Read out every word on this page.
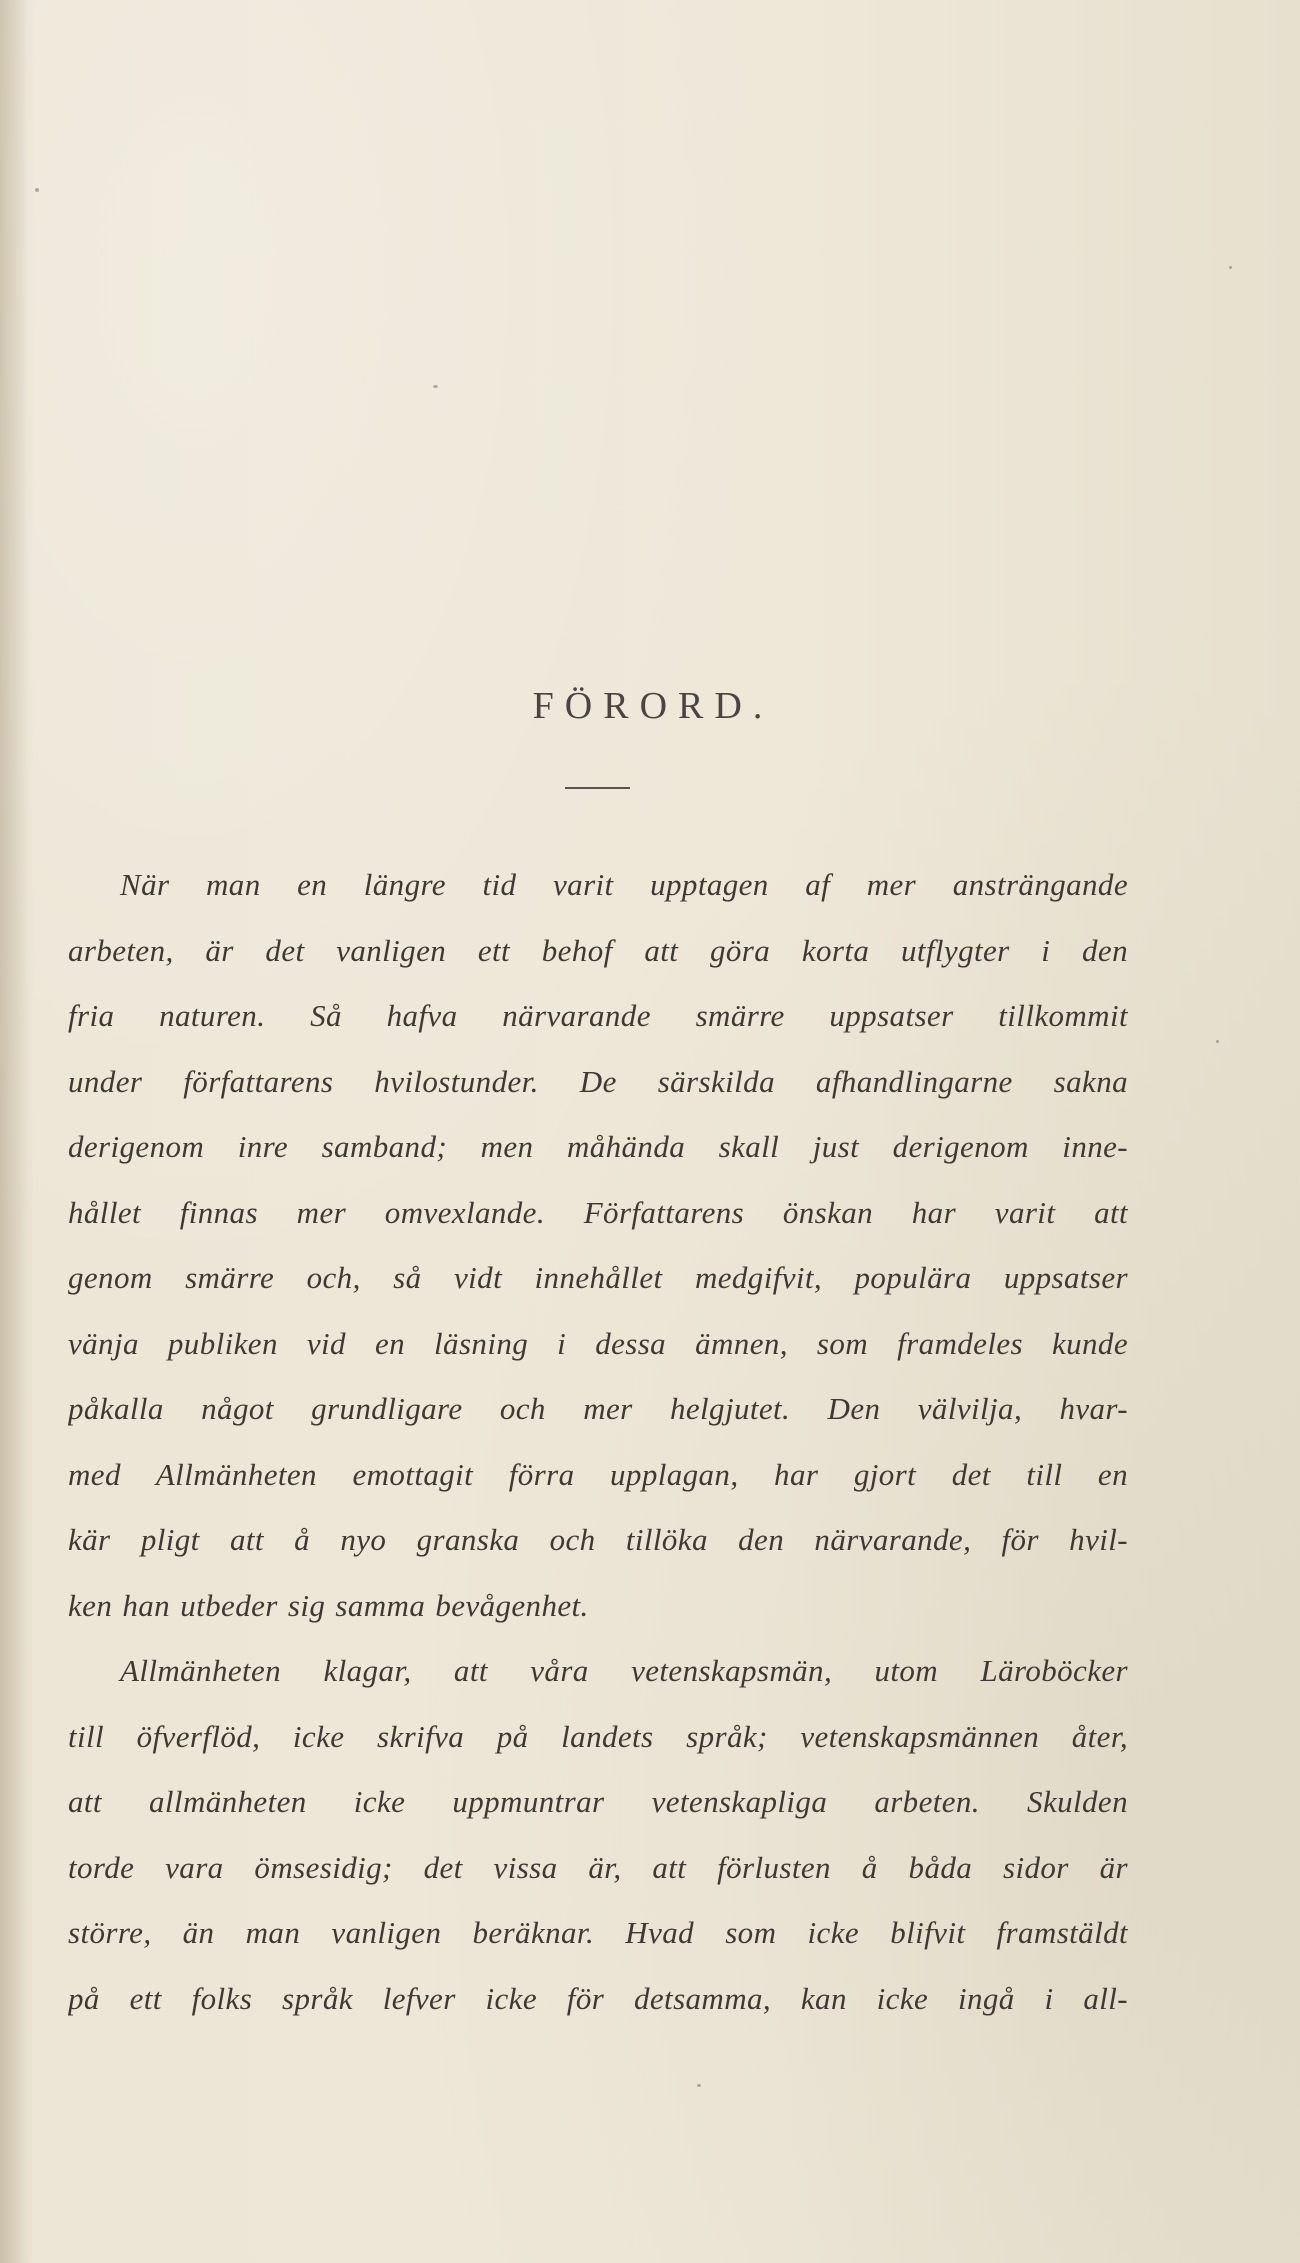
FÖRORD.
När man en längre tid varit upptagen af mer ansträngande
arbeten, är det vanligen ett behof att göra korta utflygter i den
fria naturen. Så hafva närvarande smärre uppsatser tillkommit
under författarens hvilostunder. De särskilda afhandlingarne sakna
derigenom inre samband; men måhända skall just derigenom inne-
hållet finnas mer omvexlande. Författarens önskan har varit att
genom smärre och, så vidt innehållet medgifvit, populära uppsatser
vänja publiken vid en läsning i dessa ämnen, som framdeles kunde
påkalla något grundligare och mer helgjutet. Den välvilja, hvar-
med Allmänheten emottagit förra upplagan, har gjort det till en
kär pligt att å nyo granska och tillöka den närvarande, för hvil-
ken han utbeder sig samma bevågenhet.
Allmänheten klagar, att våra vetenskapsmän, utom Läroböcker
till öfverflöd, icke skrifva på landets språk; vetenskapsmännen åter,
att allmänheten icke uppmuntrar vetenskapliga arbeten. Skulden
torde vara ömsesidig; det vissa är, att förlusten å båda sidor är
större, än man vanligen beräknar. Hvad som icke blifvit framstäldt
på ett folks språk lefver icke för detsamma, kan icke ingå i all-
